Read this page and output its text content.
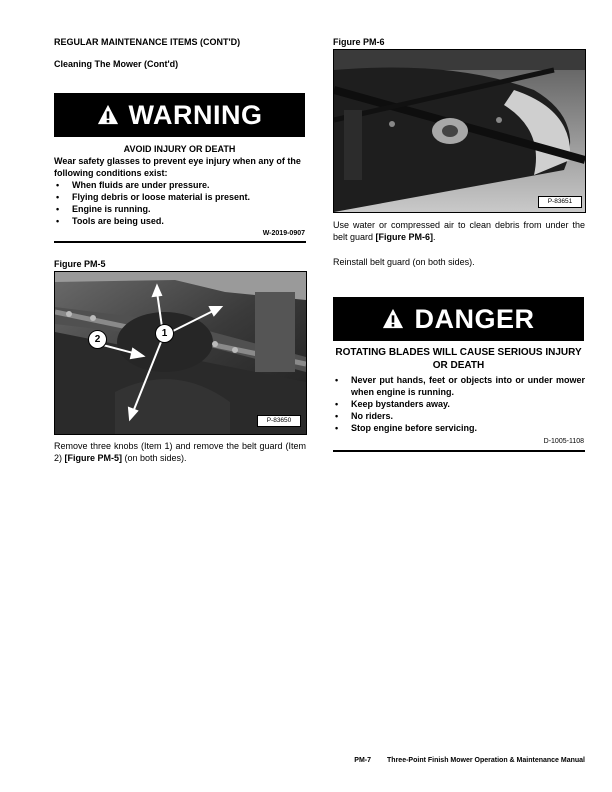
REGULAR MAINTENANCE ITEMS (CONT'D)
Cleaning The Mower (Cont'd)
WARNING
AVOID INJURY OR DEATH
Wear safety glasses to prevent eye injury when any of the following conditions exist:
• When fluids are under pressure.
• Flying debris or loose material is present.
• Engine is running.
• Tools are being used.
W-2019-0907
Figure PM-5
1
2
P-83650
Remove three knobs (Item 1) and remove the belt guard (Item 2) [Figure PM-5] (on both sides).
Figure PM-6
P-83651
Use water or compressed air to clean debris from under the belt guard [Figure PM-6].
Reinstall belt guard (on both sides).
DANGER
ROTATING BLADES WILL CAUSE SERIOUS INJURY OR DEATH
• Never put hands, feet or objects into or under mower when engine is running.
• Keep bystanders away.
• No riders.
• Stop engine before servicing.
D-1005-1108
PM-7 Three-Point Finish Mower Operation & Maintenance Manual
